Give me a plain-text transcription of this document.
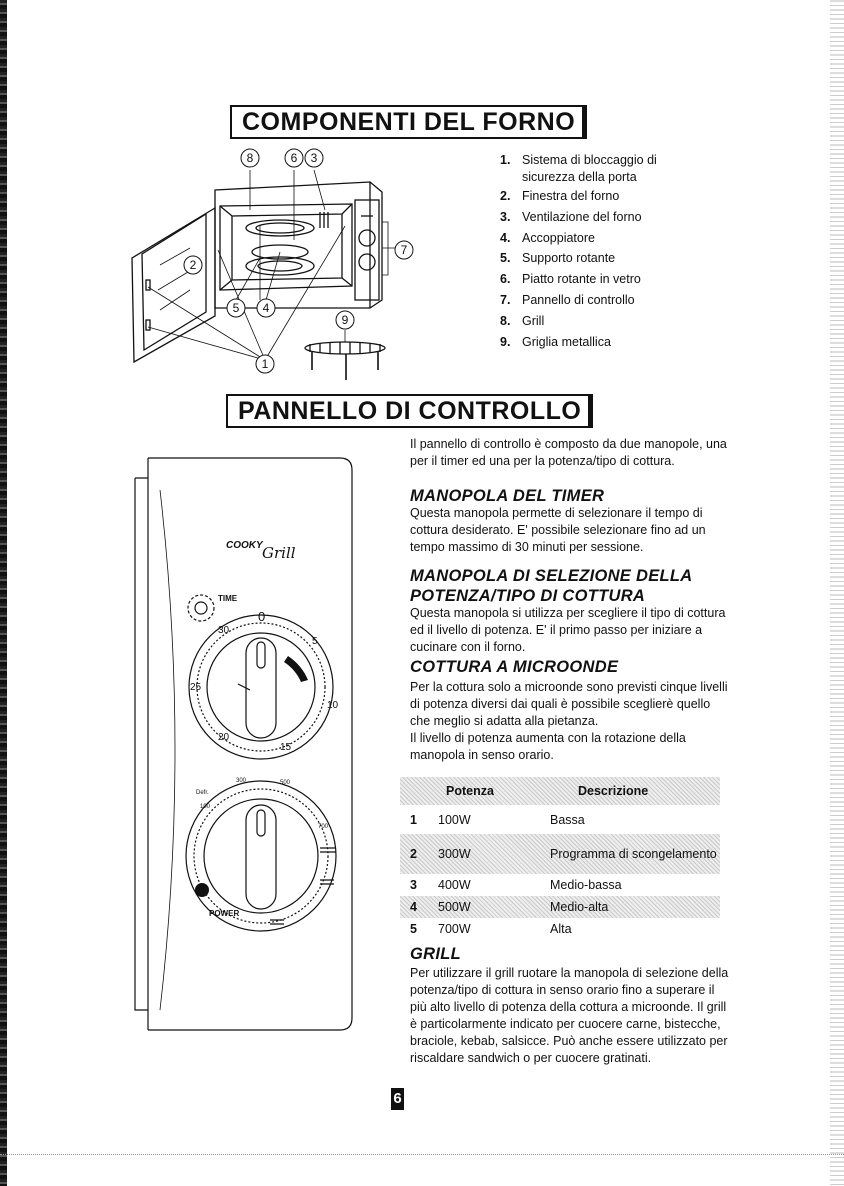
COMPONENTI DEL FORNO
8	6 3
2
5 4
7
9
1
1. Sistema di bloccaggio di sicurezza della porta
2. Finestra del forno
3. Ventilazione del forno
4. Accoppiatore
5. Supporto rotante
6. Piatto rotante in vetro
7. Pannello di controllo
8. Grill
9. Griglia metallica
PANNELLO DI CONTROLLO
COOKY Grill
TIME
POWER
0
5
10
15
20
25
30
Defr.
100
300	500
700

Il pannello di controllo è composto da due manopole, una per il timer ed una per la potenza/tipo di cottura.

MANOPOLA DEL TIMER

Questa manopola permette di selezionare il tempo di cottura desiderato. E' possibile selezionare fino ad un tempo massimo di 30 minuti per sessione.

MANOPOLA DI SELEZIONE DELLA
POTENZA/TIPO DI COTTURA

Questa manopola si utilizza per scegliere il tipo di cottura ed il livello di potenza. E' il primo passo per iniziare a cucinare con il forno.

COTTURA A MICROONDE

Per la cottura solo a microonde sono previsti cinque livelli di potenza diversi dai quali è possibile sceglierè quello che meglio si adatta alla pietanza.

Il livello di potenza aumenta con la rotazione della manopola in senso orario.

Potenza	Descrizione
1	100W	Bassa
2	300W	Programma di scongelamento
3	400W	Medio-bassa
4	500W	Medio-alta
5	700W	Alta
GRILL

Per utilizzare il grill ruotare la manopola di selezione della potenza/tipo di cottura in senso orario fino a superare il più alto livello di potenza della cottura a microonde. Il grill è particolarmente indicato per cuocere carne, bistecche, braciole, kebab, salsicce. Può anche essere utilizzato per riscaldare sandwich o per cuocere gratinati.

6
